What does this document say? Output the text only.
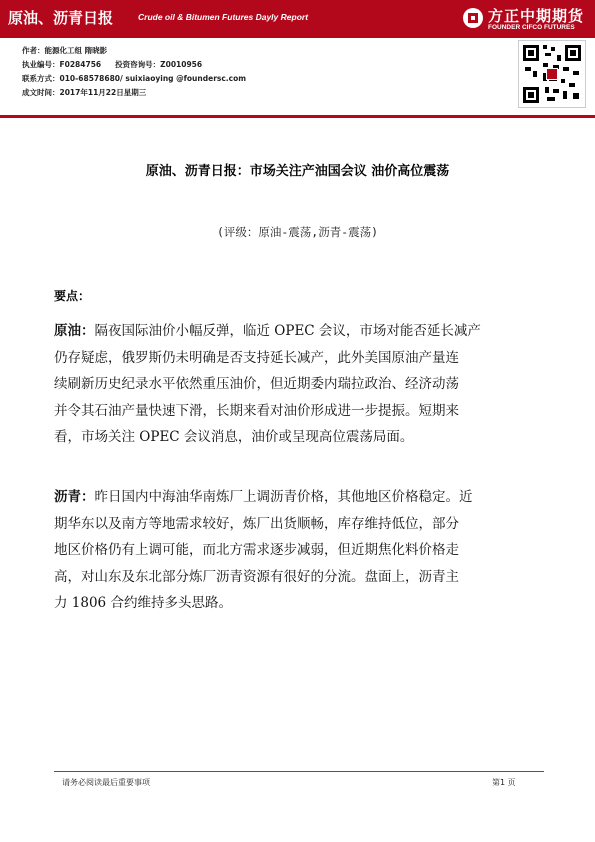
原油、沥青日报	Crude oil & Bitumen Futures Dayly Report	方正中期期货
FOUNDER CIFCO FUTURES
作者：能源化工组 隋晓影
执业编号：F0284756 投资咨询号：Z0010956
联系方式：010-68578680/ suixiaoying @foundersc.com
成文时间：2017年11月22日星期三
原油、沥青日报：市场关注产油国会议 油价高位震荡
(评级：原油-震荡,沥青-震荡)
要点：
原油：隔夜国际油价小幅反弹，临近 OPEC 会议，市场对能否延长减产
仍存疑虑，俄罗斯仍未明确是否支持延长减产，此外美国原油产量连
续刷新历史纪录水平依然重压油价，但近期委内瑞拉政治、经济动荡
并令其石油产量快速下滑，长期来看对油价形成进一步提振。短期来
看，市场关注 OPEC 会议消息，油价或呈现高位震荡局面。
沥青：昨日国内中海油华南炼厂上调沥青价格，其他地区价格稳定。近
期华东以及南方等地需求较好，炼厂出货顺畅，库存维持低位，部分
地区价格仍有上调可能，而北方需求逐步减弱，但近期焦化料价格走
高，对山东及东北部分炼厂沥青资源有很好的分流。盘面上，沥青主
力 1806 合约维持多头思路。
请务必阅读最后重要事项	第1 页
